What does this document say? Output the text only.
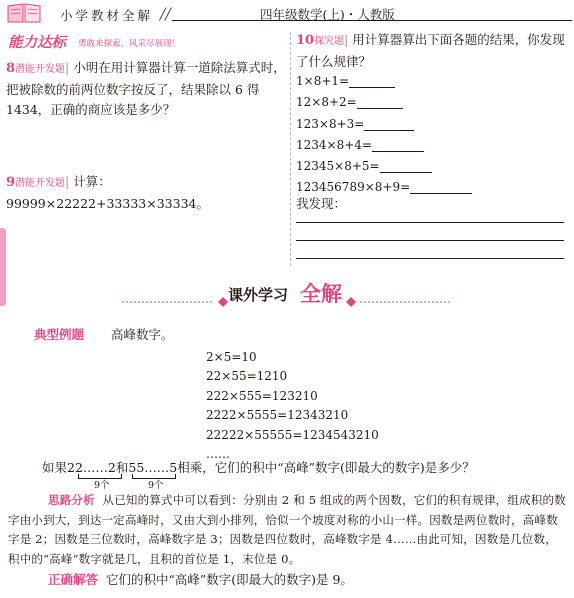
小学教材全解 //	四年级数学(上)・人教版
能力达标 勇敢来探索，风采尽展现！
8潜能开发题| 小明在用计算器计算一道除法算式时，把被除数的前两位数字按反了，结果除以 6 得 1434，正确的商应该是多少？
9潜能开发题| 计算：99999×22222+33333×33334。
10探究题| 用计算器算出下面各题的结果，你发现了什么规律？
1×8+1=
12×8+2=
123×8+3=
1234×8+4=
12345×8+5=
123456789×8+9=
我发现：
课外学习 全解
典型例题 高峰数字。
2×5=10
22×55=1210
222×555=123210
2222×5555=12343210
22222×55555=1234543210
……
如果22……2和55……5相乘，它们的积中“高峰”数字(即最大的数字)是多少？
9个	9个
思路分析 从已知的算式中可以看到：分别由 2 和 5 组成的两个因数，它们的积有规律，组成积的数字由小到大，到达一定高峰时，又由大到小排列，恰似一个坡度对称的小山一样。因数是两位数时，高峰数字是 2；因数是三位数时，高峰数字是 3；因数是四位数时，高峰数字是 4……由此可知，因数是几位数，积中的“高峰”数字就是几，且积的首位是 1，末位是 0。
正确解答 它们的积中“高峰”数字(即最大的数字)是 9。
